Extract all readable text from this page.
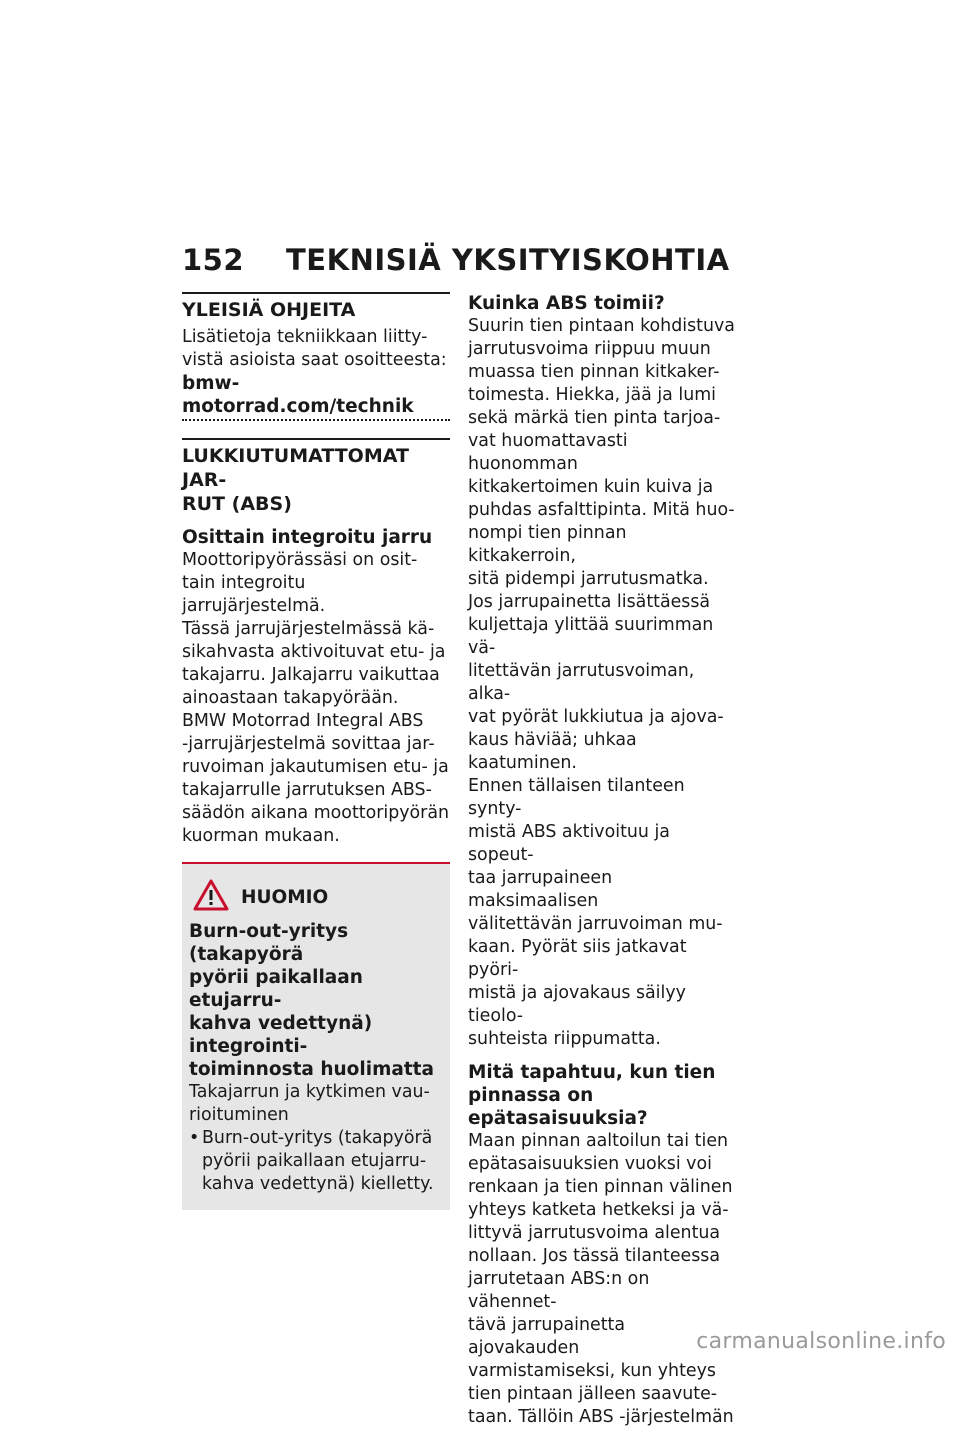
152 TEKNISIÄ YKSITYISKOHTIA
YLEISIÄ OHJEITA

Lisätietoja tekniikkaan liitty-
vistä asioista saat osoitteesta:

bmw-motorrad.com/technik
LUKKIUTUMATTOMAT JAR-
RUT (ABS)
Osittain integroitu jarru

Moottoripyörässäsi on osit-
tain integroitu jarrujärjestelmä.
Tässä jarrujärjestelmässä kä-
sikahvasta aktivoituvat etu- ja
takajarru. Jalkajarru vaikuttaa
ainoastaan takapyörään.

BMW Motorrad Integral ABS
-jarrujärjestelmä sovittaa jar-
ruvoiman jakautumisen etu- ja
takajarrulle jarrutuksen ABS-
säädön aikana moottoripyörän
kuorman mukaan.

HUOMIO
Burn-out-yritys (takapyörä
pyörii paikallaan etujarru-
kahva vedettynä) integrointi-
toiminnosta huolimatta

Takajarrun ja kytkimen vau-
rioituminen

• Burn-out-yritys (takapyörä
pyörii paikallaan etujarru-
kahva vedettynä) kielletty.
Kuinka ABS toimii?

Suurin tien pintaan kohdistuva
jarrutusvoima riippuu muun
muassa tien pinnan kitkaker-
toimesta. Hiekka, jää ja lumi
sekä märkä tien pinta tarjoa-
vat huomattavasti huonomman
kitkakertoimen kuin kuiva ja
puhdas asfalttipinta. Mitä huo-
nompi tien pinnan kitkakerroin,
sitä pidempi jarrutusmatka.

Jos jarrupainetta lisättäessä
kuljettaja ylittää suurimman vä-
litettävän jarrutusvoiman, alka-
vat pyörät lukkiutua ja ajova-
kaus häviää; uhkaa kaatuminen.
Ennen tällaisen tilanteen synty-
mistä ABS aktivoituu ja sopeut-
taa jarrupaineen maksimaalisen
välitettävän jarruvoiman mu-
kaan. Pyörät siis jatkavat pyöri-
mistä ja ajovakaus säilyy tieolo-
suhteista riippumatta.

Mitä tapahtuu, kun tien
pinnassa on epätasaisuuksia?

Maan pinnan aaltoilun tai tien
epätasaisuuksien vuoksi voi
renkaan ja tien pinnan välinen
yhteys katketa hetkeksi ja vä-
littyvä jarrutusvoima alentua
nollaan. Jos tässä tilanteessa
jarrutetaan ABS:n on vähennet-
tävä jarrupainetta ajovakauden
varmistamiseksi, kun yhteys
tien pintaan jälleen saavute-
taan. Tällöin ABS -järjestelmän

carmanualsonline.info
